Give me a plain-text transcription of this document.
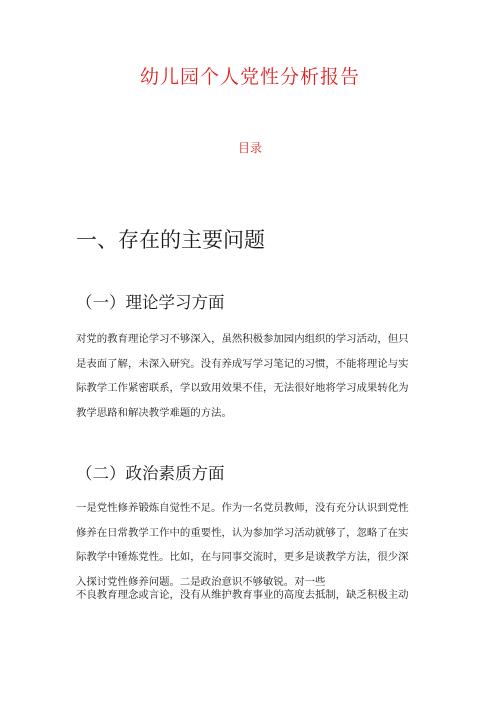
幼儿园个人党性分析报告
目录
一、存在的主要问题
（一）理论学习方面

对党的教育理论学习不够深入，虽然积极参加园内组织的学习活动，但只
是表面了解，未深入研究。没有养成写学习笔记的习惯，不能将理论与实
际教学工作紧密联系，学以致用效果不佳，无法很好地将学习成果转化为
教学思路和解决教学难题的方法。

（二）政治素质方面

一是党性修养锻炼自觉性不足。作为一名党员教师，没有充分认识到党性
修养在日常教学工作中的重要性，认为参加学习活动就够了，忽略了在实
际教学中锤炼党性。比如，在与同事交流时，更多是谈教学方法，很少深
入探讨党性修养问题。二是政治意识不够敏锐。对一些

不良教育理念或言论，没有从维护教育事业的高度去抵制，缺乏积极主动
